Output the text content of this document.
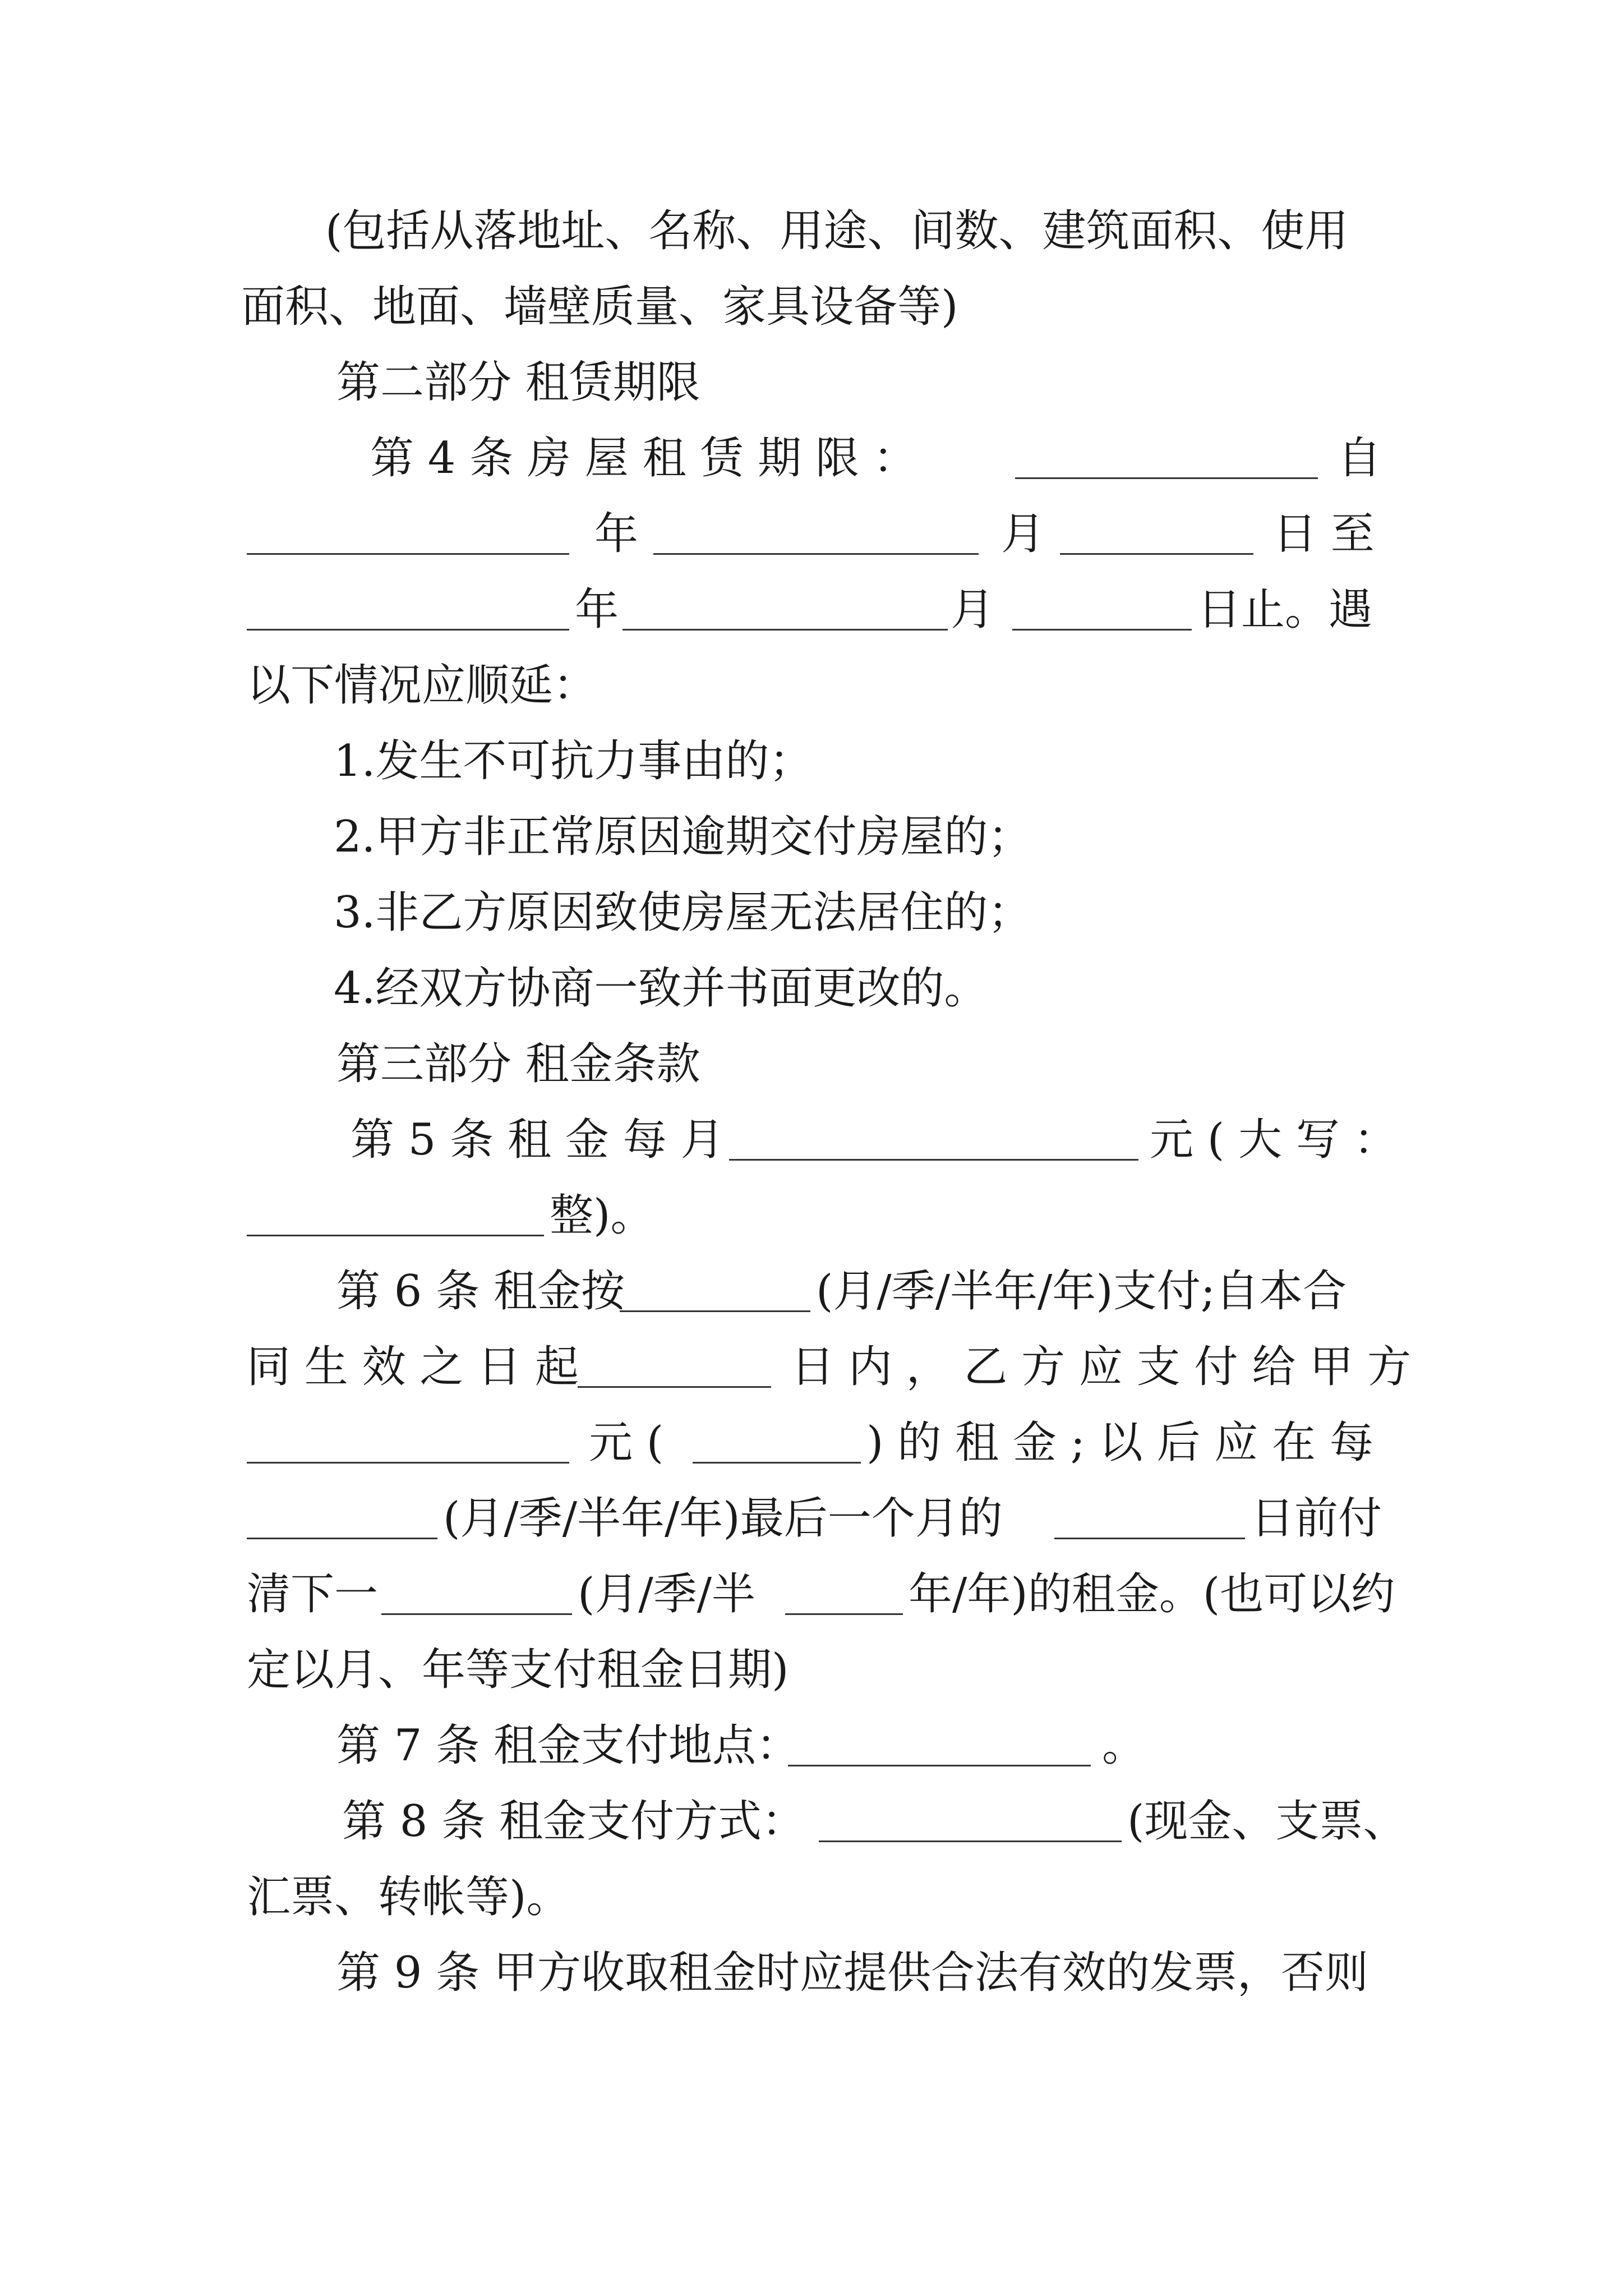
(包括从落地址、名称、用途、间数、建筑面积、使用
面积、地面、墙壁质量、家具设备等)
第二部分 租赁期限
第 4 条 房 屋 租 赁 期 限 ：	自
年	月	日 至
年	月	日止。遇
以下情况应顺延：
1.发生不可抗力事由的；
2.甲方非正常原因逾期交付房屋的；
3.非乙方原因致使房屋无法居住的；
4.经双方协商一致并书面更改的。
第三部分 租金条款
第 5 条 租 金 每 月	元 ( 大 写 ：
整)。
第 6 条 租金按	(月/季/半年/年)支付;自本合
同 生 效 之 日 起	日 内 ， 乙 方 应 支 付 给 甲 方
元 (	) 的 租 金 ; 以 后 应 在 每
(月/季/半年/年)最后一个月的	日前付
清下一	(月/季/半	年/年)的租金。(也可以约
定以月、年等支付租金日期)
第 7 条 租金支付地点：	。
第 8 条 租金支付方式：	(现金、支票、
汇票、转帐等)。
第 9 条 甲方收取租金时应提供合法有效的发票，否则
